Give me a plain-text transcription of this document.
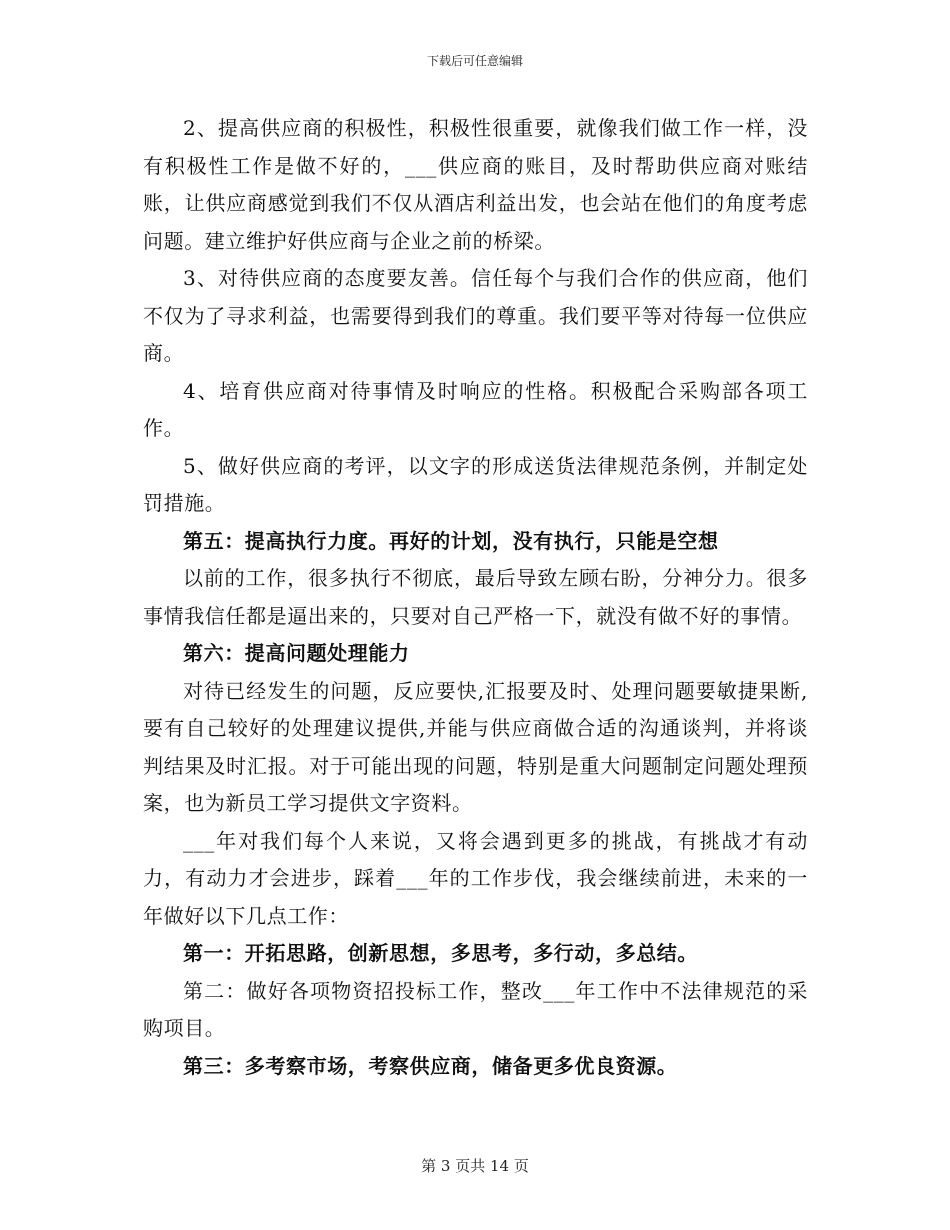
下载后可任意编辑

2、提高供应商的积极性，积极性很重要，就像我们做工作一样，没有积极性工作是做不好的，___供应商的账目，及时帮助供应商对账结账，让供应商感觉到我们不仅从酒店利益出发，也会站在他们的角度考虑问题。建立维护好供应商与企业之前的桥梁。

3、对待供应商的态度要友善。信任每个与我们合作的供应商，他们不仅为了寻求利益，也需要得到我们的尊重。我们要平等对待每一位供应商。

4、培育供应商对待事情及时响应的性格。积极配合采购部各项工作。

5、做好供应商的考评，以文字的形成送货法律规范条例，并制定处罚措施。

第五：提高执行力度。再好的计划，没有执行，只能是空想

以前的工作，很多执行不彻底，最后导致左顾右盼，分神分力。很多事情我信任都是逼出来的，只要对自己严格一下，就没有做不好的事情。

第六：提高问题处理能力

对待已经发生的问题，反应要快,汇报要及时、处理问题要敏捷果断,要有自己较好的处理建议提供,并能与供应商做合适的沟通谈判，并将谈判结果及时汇报。对于可能出现的问题，特别是重大问题制定问题处理预案，也为新员工学习提供文字资料。

___年对我们每个人来说，又将会遇到更多的挑战，有挑战才有动力，有动力才会进步，踩着___年的工作步伐，我会继续前进，未来的一年做好以下几点工作：

第一：开拓思路，创新思想，多思考，多行动，多总结。

第二：做好各项物资招投标工作，整改___年工作中不法律规范的采购项目。

第三：多考察市场，考察供应商，储备更多优良资源。

第 3 页共 14 页
